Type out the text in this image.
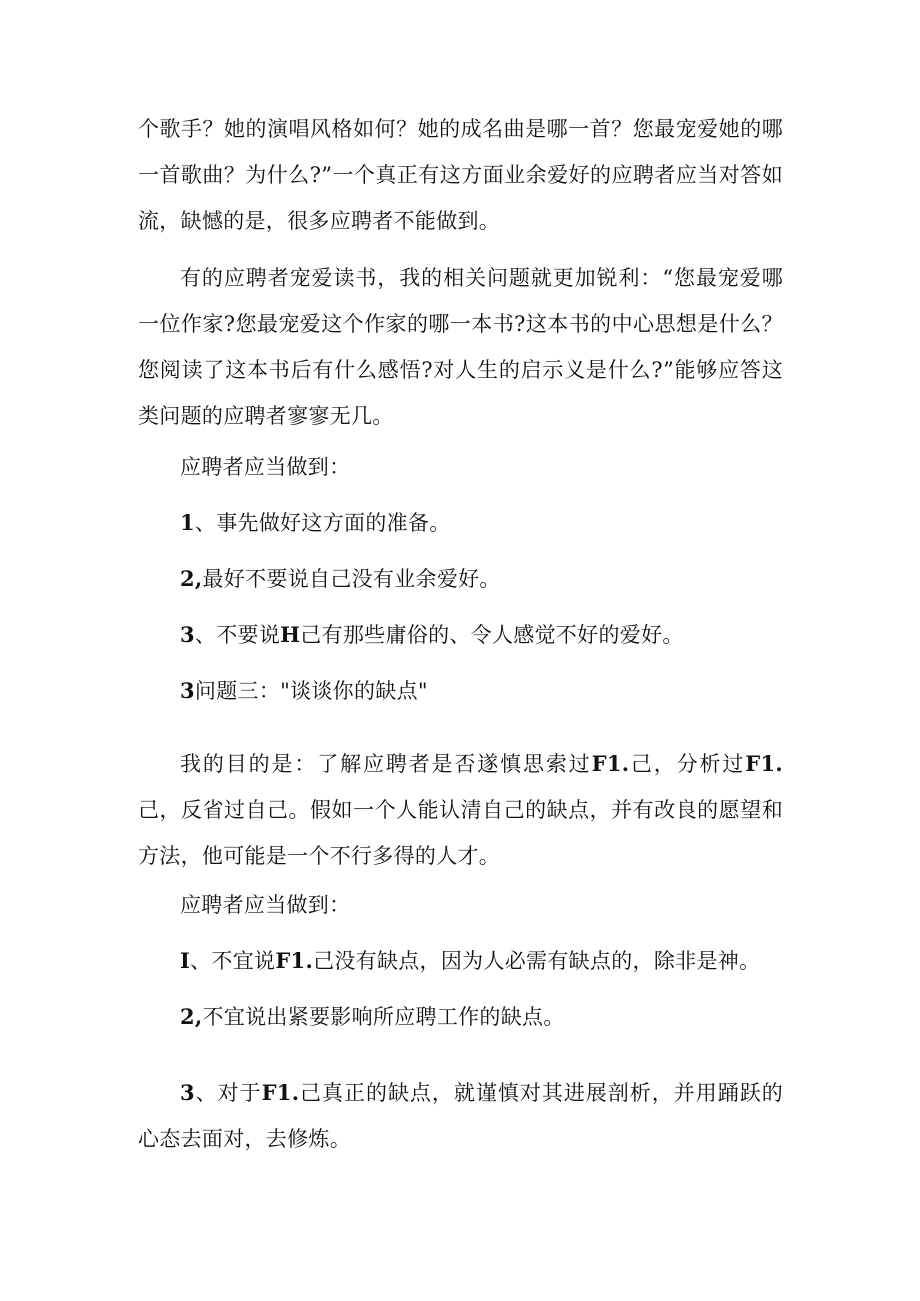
个歌手？她的演唱风格如何？她的成名曲是哪一首？您最宠爱她的哪一首歌曲？为什么?”一个真正有这方面业余爱好的应聘者应当对答如流，缺憾的是，很多应聘者不能做到。

有的应聘者宠爱读书，我的相关问题就更加锐利：“您最宠爱哪一位作家?您最宠爱这个作家的哪一本书?这本书的中心思想是什么？您阅读了这本书后有什么感悟?对人生的启示义是什么?”能够应答这类问题的应聘者寥寥无几。

应聘者应当做到：

1、事先做好这方面的准备。

2,最好不要说自己没有业余爱好。

3、不要说H己有那些庸俗的、令人感觉不好的爱好。

3问题三："谈谈你的缺点"

我的目的是：了解应聘者是否遂慎思索过F1.己，分析过F1.己，反省过自己。假如一个人能认清自己的缺点，并有改良的愿望和方法，他可能是一个不行多得的人才。

应聘者应当做到：

I、不宜说F1.己没有缺点，因为人必需有缺点的，除非是神。

2,不宜说出紧要影响所应聘工作的缺点。

3、对于F1.己真正的缺点，就谨慎对其进展剖析，并用踊跃的心态去面对，去修炼。
